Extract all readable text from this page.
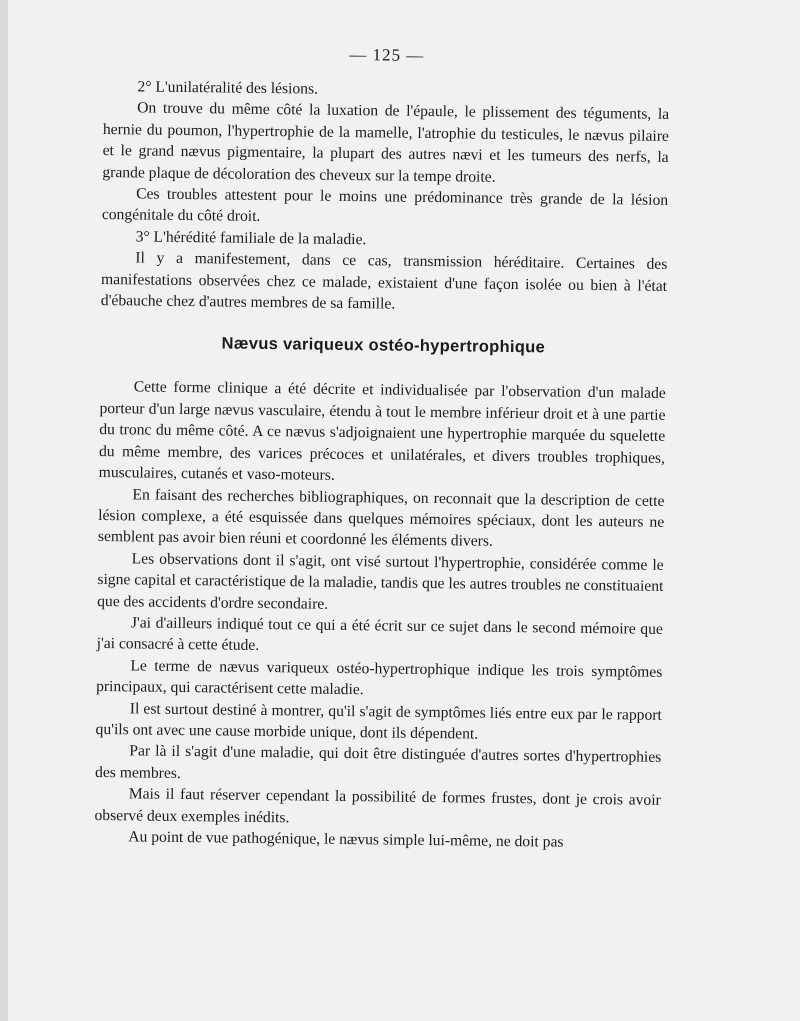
— 125 —

2° L'unilatéralité des lésions.

On trouve du même côté la luxation de l'épaule, le plissement des téguments, la hernie du poumon, l'hypertrophie de la mamelle, l'atrophie du testicules, le nævus pilaire et le grand nævus pigmentaire, la plupart des autres nævi et les tumeurs des nerfs, la grande plaque de décoloration des cheveux sur la tempe droite.

Ces troubles attestent pour le moins une prédominance très grande de la lésion congénitale du côté droit.

3° L'hérédité familiale de la maladie.

Il y a manifestement, dans ce cas, transmission héréditaire. Certaines des manifestations observées chez ce malade, existaient d'une façon isolée ou bien à l'état d'ébauche chez d'autres membres de sa famille.

Nævus variqueux ostéo-hypertrophique

Cette forme clinique a été décrite et individualisée par l'observation d'un malade porteur d'un large nævus vasculaire, étendu à tout le membre inférieur droit et à une partie du tronc du même côté. A ce nævus s'adjoignaient une hypertrophie marquée du squelette du même membre, des varices précoces et unilatérales, et divers troubles trophiques, musculaires, cutanés et vaso-moteurs.

En faisant des recherches bibliographiques, on reconnait que la description de cette lésion complexe, a été esquissée dans quelques mémoires spéciaux, dont les auteurs ne semblent pas avoir bien réuni et coordonné les éléments divers.

Les observations dont il s'agit, ont visé surtout l'hypertrophie, considérée comme le signe capital et caractéristique de la maladie, tandis que les autres troubles ne constituaient que des accidents d'ordre secondaire.

J'ai d'ailleurs indiqué tout ce qui a été écrit sur ce sujet dans le second mémoire que j'ai consacré à cette étude.

Le terme de nævus variqueux ostéo-hypertrophique indique les trois symptômes principaux, qui caractérisent cette maladie.

Il est surtout destiné à montrer, qu'il s'agit de symptômes liés entre eux par le rapport qu'ils ont avec une cause morbide unique, dont ils dépendent.

Par là il s'agit d'une maladie, qui doit être distinguée d'autres sortes d'hypertrophies des membres.

Mais il faut réserver cependant la possibilité de formes frustes, dont je crois avoir observé deux exemples inédits.

Au point de vue pathogénique, le nævus simple lui-même, ne doit pas
